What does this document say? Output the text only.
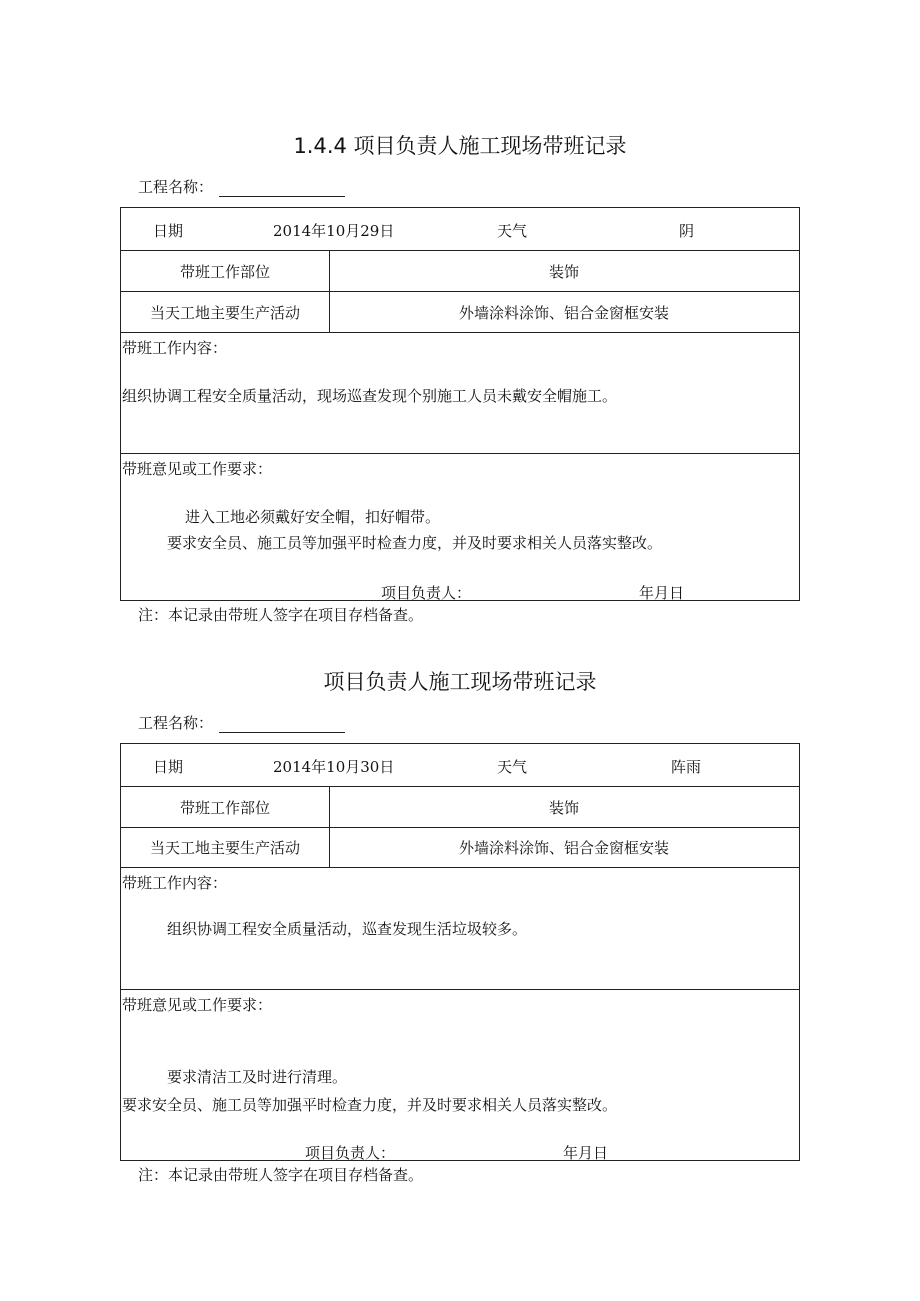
1.4.4 项目负责人施工现场带班记录
工程名称：
日期	2014年10月29日	天气	阴
带班工作部位	装饰
当天工地主要生产活动	外墙涂料涂饰、铝合金窗框安装
带班工作内容：
组织协调工程安全质量活动，现场巡查发现个别施工人员未戴安全帽施工。
带班意见或工作要求：
进入工地必须戴好安全帽，扣好帽带。
要求安全员、施工员等加强平时检查力度，并及时要求相关人员落实整改。
项目负责人：	年月日
注：本记录由带班人签字在项目存档备查。
项目负责人施工现场带班记录
工程名称：
日期	2014年10月30日	天气	阵雨
带班工作部位	装饰
当天工地主要生产活动	外墙涂料涂饰、铝合金窗框安装
带班工作内容：
组织协调工程安全质量活动，巡查发现生活垃圾较多。
带班意见或工作要求：
要求清洁工及时进行清理。
要求安全员、施工员等加强平时检查力度，并及时要求相关人员落实整改。
项目负责人：	年月日
注：本记录由带班人签字在项目存档备查。
